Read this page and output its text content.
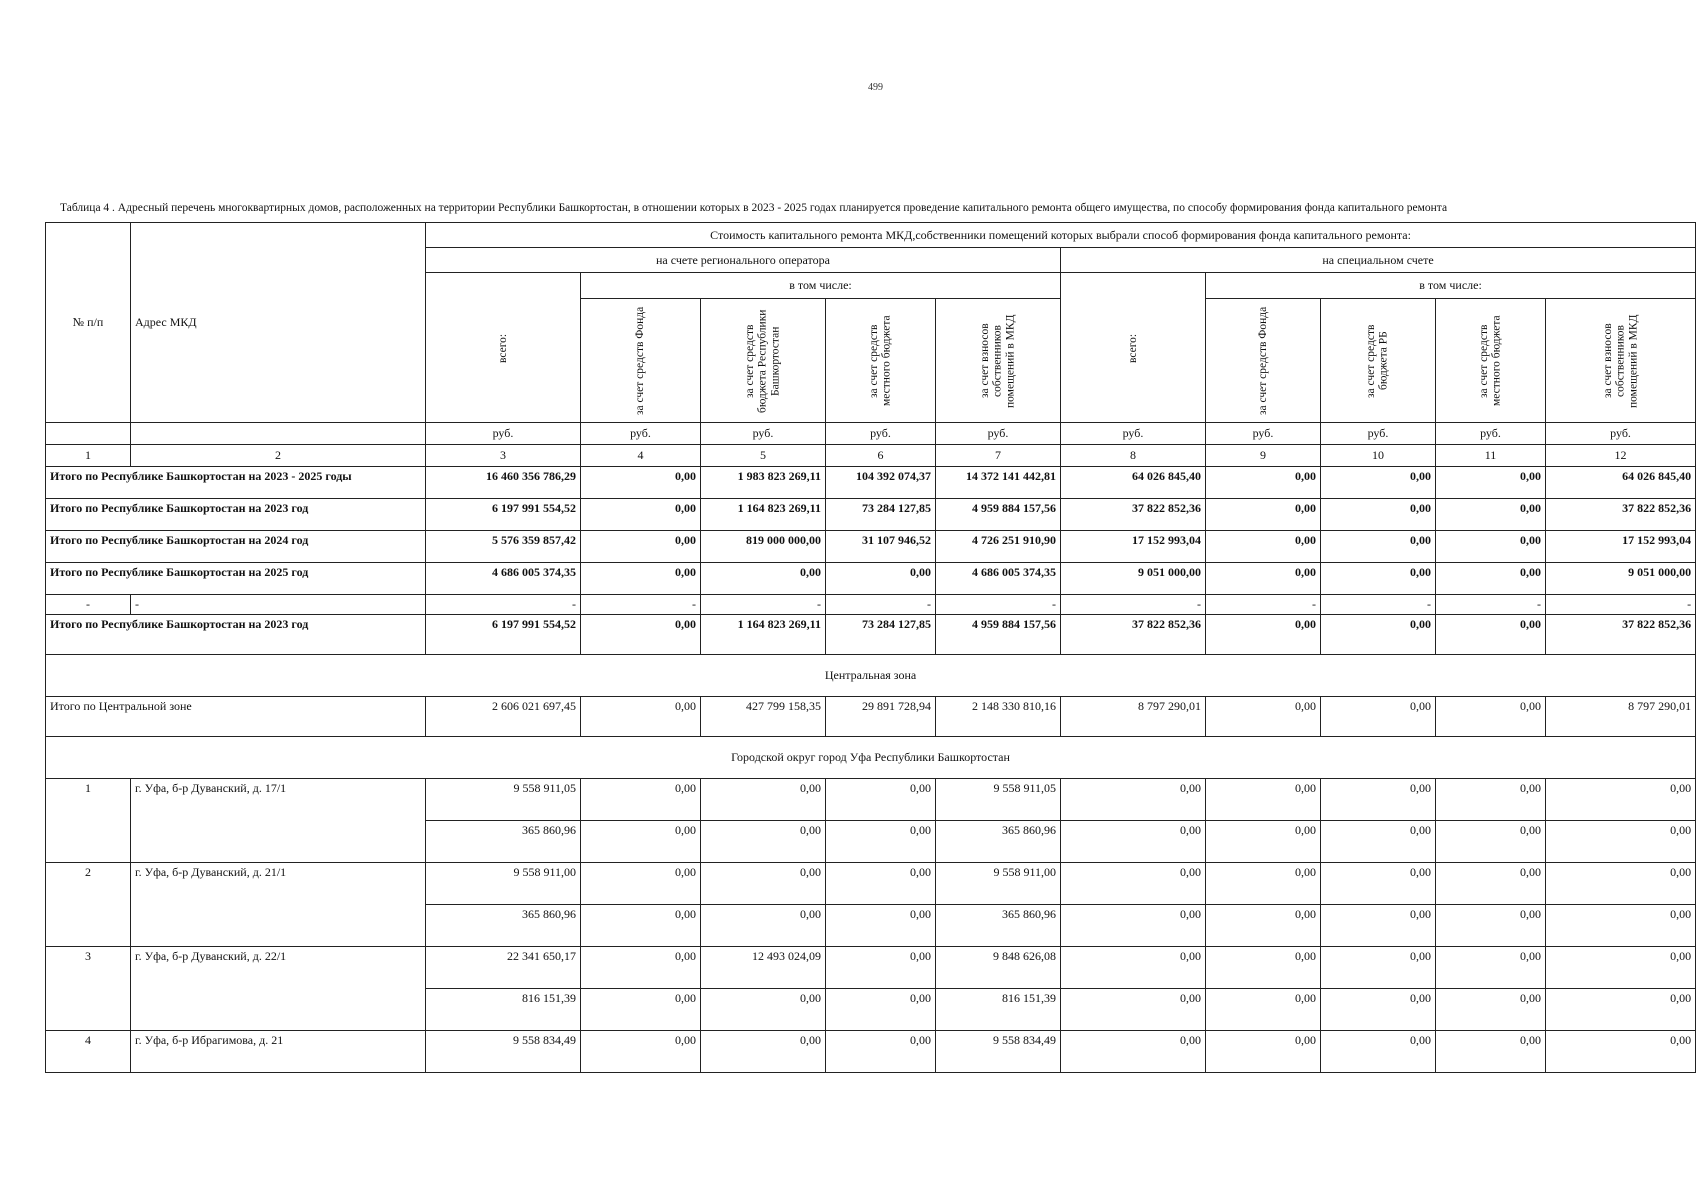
499
Таблица 4 . Адресный перечень многоквартирных домов, расположенных на территории Республики Башкортостан, в отношении которых в 2023 - 2025 годах планируется проведение капитального ремонта общего имущества, по способу формирования фонда капитального ремонта
№ п/п	Адрес МКД	Стоимость капитального ремонта МКД,собственники помещений которых выбрали способ формирования фонда капитального ремонта:									
		на счете регионального оператора					на специальном счете				

		всего:	в том числе:				всего:	в том числе:			

			за счет средств Фонда	за счет средств бюджета Республики Башкортостан	за счет средств местного бюджета	за счет взносов собственников помещений в МКД		за счет средств Фонда	за счет средств бюджета РБ	за счет средств местного бюджета	за счет взносов собственников помещений в МКД

		руб.	руб.	руб.	руб.	руб.	руб.	руб.	руб.	руб.	руб.
1	2	3	4	5	6	7	8	9	10	11	12
Итого по Республике Башкортостан на 2023 - 2025 годы		16 460 356 786,29	0,00	1 983 823 269,11	104 392 074,37	14 372 141 442,81	64 026 845,40	0,00	0,00	0,00	64 026 845,40
Итого по Республике Башкортостан на 2023 год		6 197 991 554,52	0,00	1 164 823 269,11	73 284 127,85	4 959 884 157,56	37 822 852,36	0,00	0,00	0,00	37 822 852,36
Итого по Республике Башкортостан на 2024 год		5 576 359 857,42	0,00	819 000 000,00	31 107 946,52	4 726 251 910,90	17 152 993,04	0,00	0,00	0,00	17 152 993,04
Итого по Республике Башкортостан на 2025 год		4 686 005 374,35	0,00	0,00	0,00	4 686 005 374,35	9 051 000,00	0,00	0,00	0,00	9 051 000,00
-	-	-	-	-	-	-	-	-	-	-	-
Итого по Республике Башкортостан на 2023 год		6 197 991 554,52	0,00	1 164 823 269,11	73 284 127,85	4 959 884 157,56	37 822 852,36	0,00	0,00	0,00	37 822 852,36
Центральная зона											
Итого по Центральной зоне		2 606 021 697,45	0,00	427 799 158,35	29 891 728,94	2 148 330 810,16	8 797 290,01	0,00	0,00	0,00	8 797 290,01
Городской округ город Уфа Республики Башкортостан											
1	г. Уфа, б-р Дуванский, д. 17/1	9 558 911,05	0,00	0,00	0,00	9 558 911,05	0,00	0,00	0,00	0,00	0,00
		365 860,96	0,00	0,00	0,00	365 860,96	0,00	0,00	0,00	0,00	0,00
2	г. Уфа, б-р Дуванский, д. 21/1	9 558 911,00	0,00	0,00	0,00	9 558 911,00	0,00	0,00	0,00	0,00	0,00
		365 860,96	0,00	0,00	0,00	365 860,96	0,00	0,00	0,00	0,00	0,00
3	г. Уфа, б-р Дуванский, д. 22/1	22 341 650,17	0,00	12 493 024,09	0,00	9 848 626,08	0,00	0,00	0,00	0,00	0,00
		816 151,39	0,00	0,00	0,00	816 151,39	0,00	0,00	0,00	0,00	0,00
4	г. Уфа, б-р Ибрагимова, д. 21	9 558 834,49	0,00	0,00	0,00	9 558 834,49	0,00	0,00	0,00	0,00	0,00
